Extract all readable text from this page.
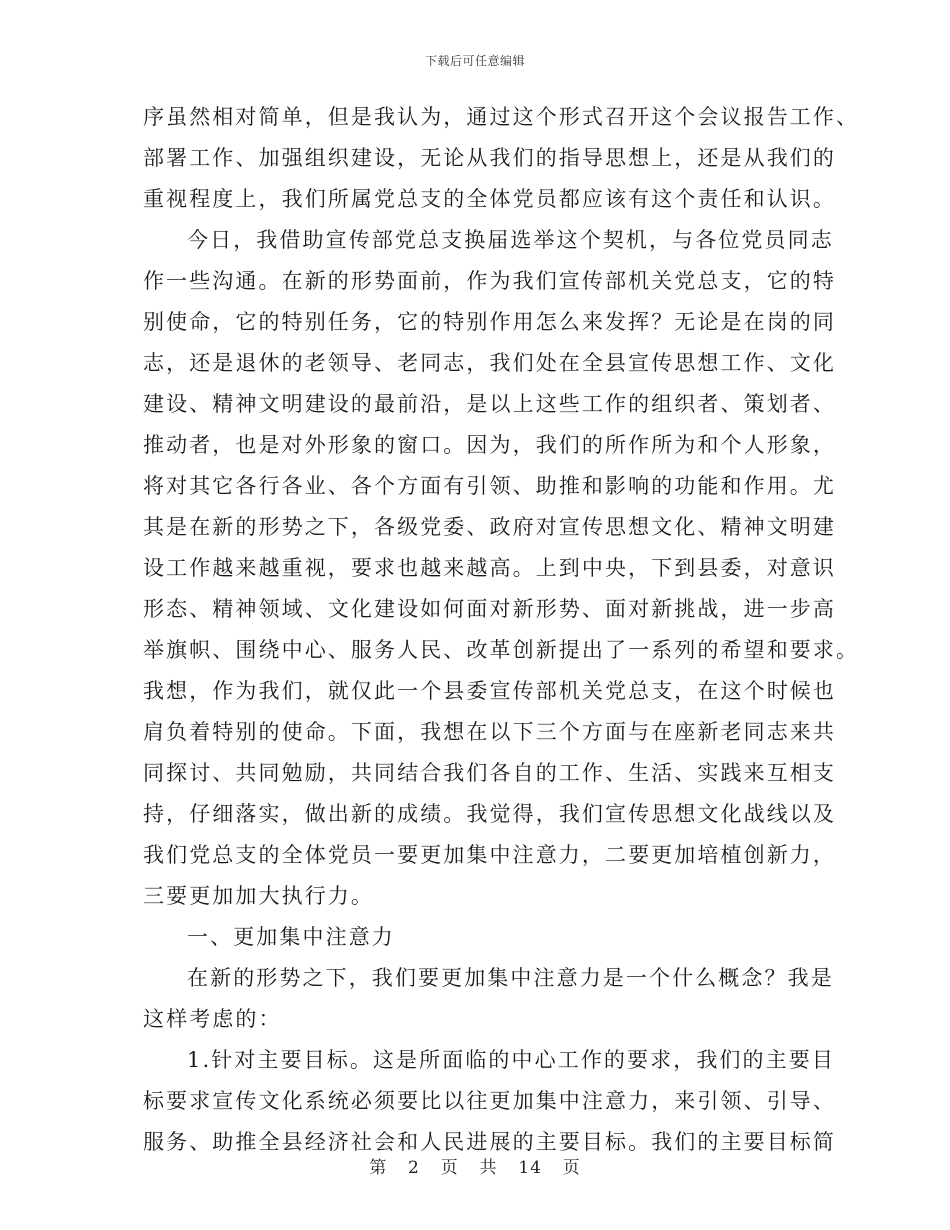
下载后可任意编辑
序虽然相对简单，但是我认为，通过这个形式召开这个会议报告工作、
部署工作、加强组织建设，无论从我们的指导思想上，还是从我们的
重视程度上，我们所属党总支的全体党员都应该有这个责任和认识。
今日，我借助宣传部党总支换届选举这个契机，与各位党员同志
作一些沟通。在新的形势面前，作为我们宣传部机关党总支，它的特
别使命，它的特别任务，它的特别作用怎么来发挥？无论是在岗的同
志，还是退休的老领导、老同志，我们处在全县宣传思想工作、文化
建设、精神文明建设的最前沿，是以上这些工作的组织者、策划者、
推动者，也是对外形象的窗口。因为，我们的所作所为和个人形象，
将对其它各行各业、各个方面有引领、助推和影响的功能和作用。尤
其是在新的形势之下，各级党委、政府对宣传思想文化、精神文明建
设工作越来越重视，要求也越来越高。上到中央，下到县委，对意识
形态、精神领域、文化建设如何面对新形势、面对新挑战，进一步高
举旗帜、围绕中心、服务人民、改革创新提出了一系列的希望和要求。
我想，作为我们，就仅此一个县委宣传部机关党总支，在这个时候也
肩负着特别的使命。下面，我想在以下三个方面与在座新老同志来共
同探讨、共同勉励，共同结合我们各自的工作、生活、实践来互相支
持，仔细落实，做出新的成绩。我觉得，我们宣传思想文化战线以及
我们党总支的全体党员一要更加集中注意力，二要更加培植创新力，
三要更加加大执行力。
一、更加集中注意力
在新的形势之下，我们要更加集中注意力是一个什么概念？我是
这样考虑的：
1.针对主要目标。这是所面临的中心工作的要求，我们的主要目
标要求宣传文化系统必须要比以往更加集中注意力，来引领、引导、
服务、助推全县经济社会和人民进展的主要目标。我们的主要目标简
第 2 页 共 14 页
